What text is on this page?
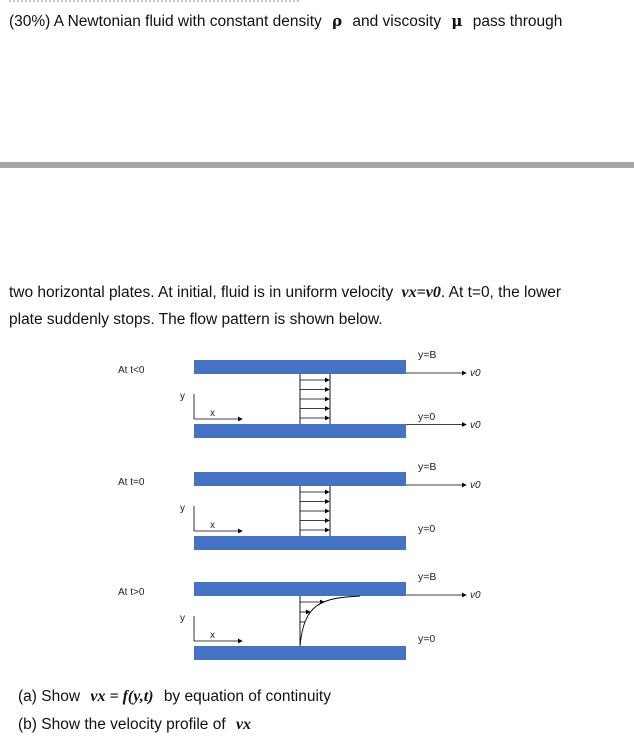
(30%) A Newtonian fluid with constant density ρ and viscosity μ pass through
two horizontal plates. At initial, fluid is in uniform velocity vx=v0. At t=0, the lower
plate suddenly stops. The flow pattern is shown below.
At t<0
y=B
v0
y=0
v0
y
x
At t=0
y=B
v0
y=0
y
x
At t>0
y=B
v0
y=0
y
x
(a) Show vx = f(y,t) by equation of continuity
(b) Show the velocity profile of vx
